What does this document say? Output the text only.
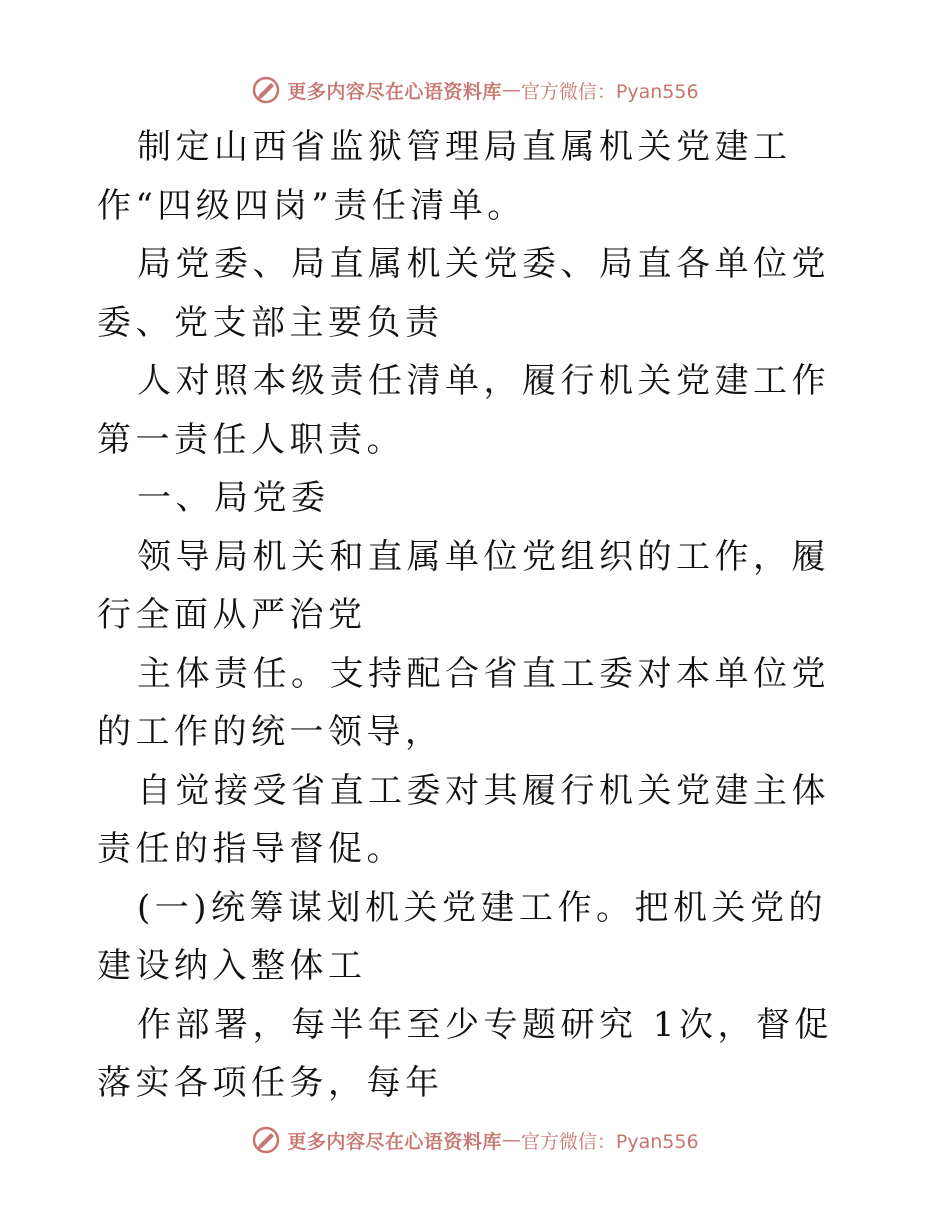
更多内容尽在心语资料库 — 官方微信：Pyan556

制定山西省监狱管理局直属机关党建工作“四级四岗”责任清单。

局党委、局直属机关党委、局直各单位党委、党支部主要负责

人对照本级责任清单，履行机关党建工作第一责任人职责。

一、局党委

领导局机关和直属单位党组织的工作，履行全面从严治党

主体责任。支持配合省直工委对本单位党的工作的统一领导，

自觉接受省直工委对其履行机关党建主体责任的指导督促。

(一)统筹谋划机关党建工作。把机关党的建设纳入整体工

作部署，每半年至少专题研究 1次，督促落实各项任务，每年

更多内容尽在心语资料库 — 官方微信：Pyan556
